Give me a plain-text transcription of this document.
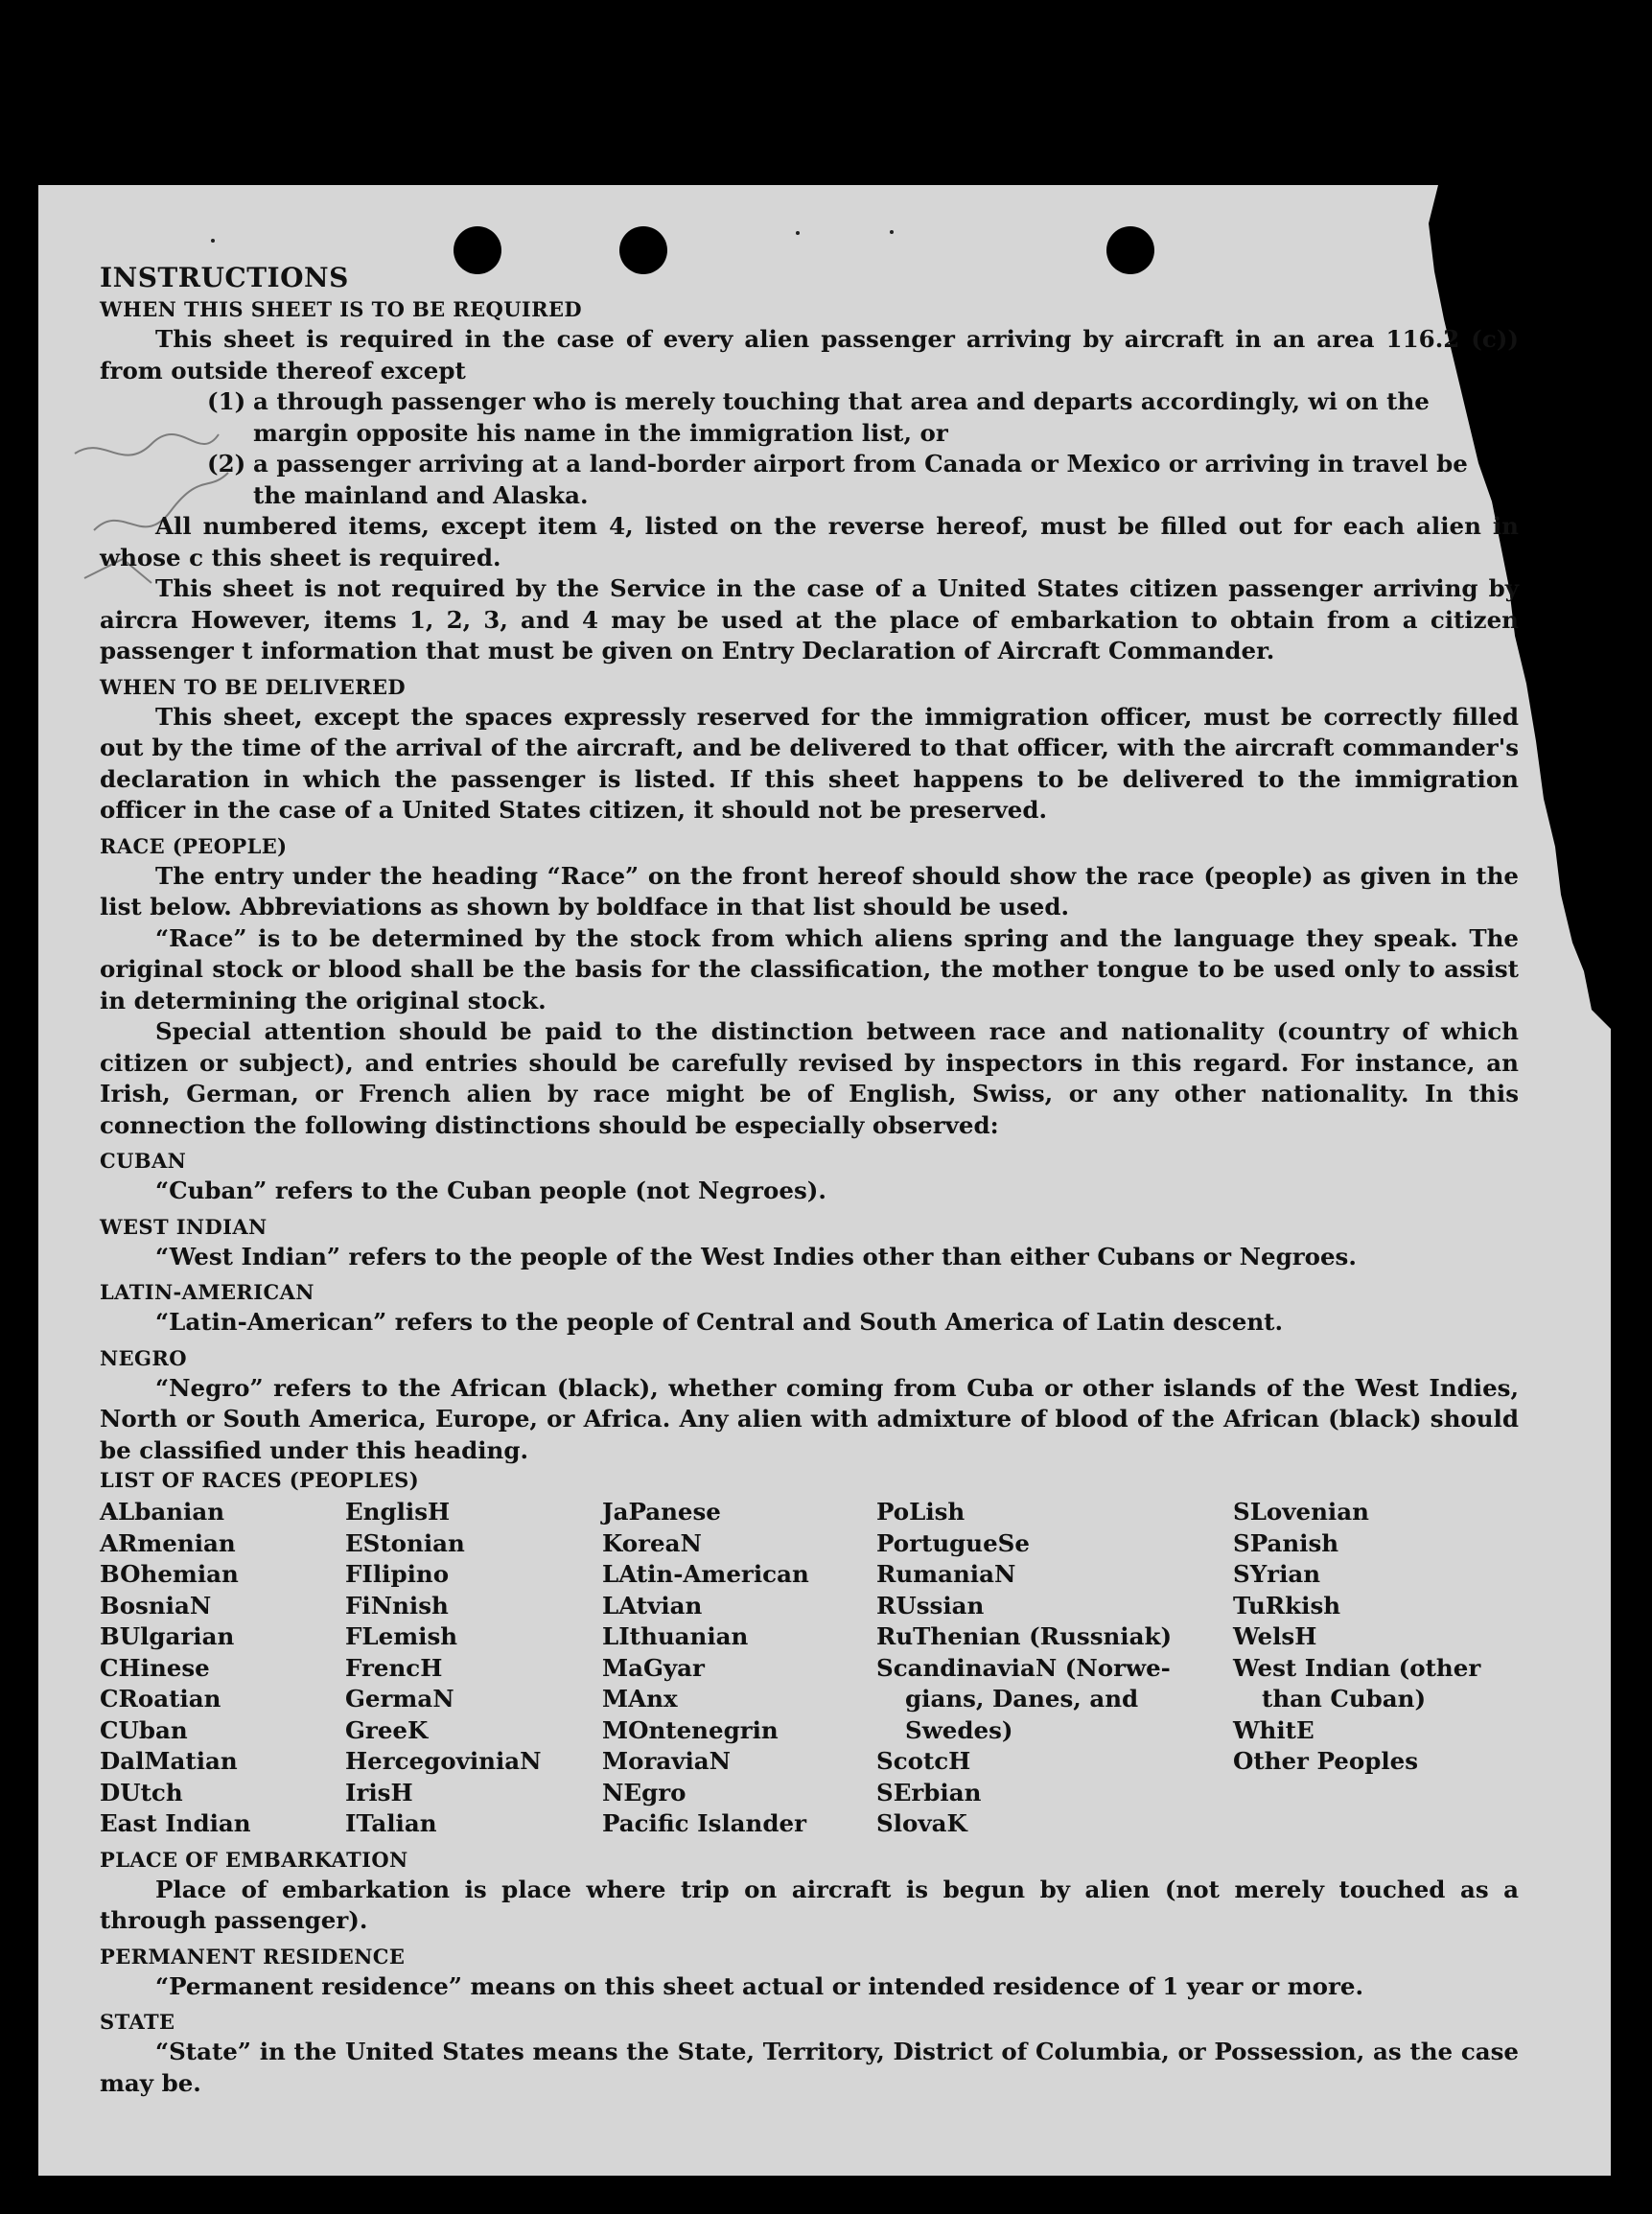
INSTRUCTIONS

WHEN THIS SHEET IS TO BE REQUIRED

This sheet is required in the case of every alien passenger arriving by aircraft in an area 116.2 (c)) from outside thereof except

(1) a through passenger who is merely touching that area and departs accordingly, wi on the margin opposite his name in the immigration list, or
(2) a passenger arriving at a land-border airport from Canada or Mexico or arriving in travel be the mainland and Alaska.

All numbered items, except item 4, listed on the reverse hereof, must be filled out for each alien in whose c this sheet is required.

This sheet is not required by the Service in the case of a United States citizen passenger arriving by aircra However, items 1, 2, 3, and 4 may be used at the place of embarkation to obtain from a citizen passenger t information that must be given on Entry Declaration of Aircraft Commander.

WHEN TO BE DELIVERED

This sheet, except the spaces expressly reserved for the immigration officer, must be correctly filled out by the time of the arrival of the aircraft, and be delivered to that officer, with the aircraft commander's declaration in which the passenger is listed. If this sheet happens to be delivered to the immigration officer in the case of a United States citizen, it should not be preserved.

RACE (PEOPLE)

The entry under the heading “Race” on the front hereof should show the race (people) as given in the list below. Abbreviations as shown by boldface in that list should be used.

“Race” is to be determined by the stock from which aliens spring and the language they speak. The original stock or blood shall be the basis for the classification, the mother tongue to be used only to assist in determining the original stock.

Special attention should be paid to the distinction between race and nationality (country of which citizen or subject), and entries should be carefully revised by inspectors in this regard. For instance, an Irish, German, or French alien by race might be of English, Swiss, or any other nationality. In this connection the following distinctions should be especially observed:

CUBAN

“Cuban” refers to the Cuban people (not Negroes).

WEST INDIAN

“West Indian” refers to the people of the West Indies other than either Cubans or Negroes.

LATIN-AMERICAN

“Latin-American” refers to the people of Central and South America of Latin descent.

NEGRO

“Negro” refers to the African (black), whether coming from Cuba or other islands of the West Indies, North or South America, Europe, or Africa. Any alien with admixture of blood of the African (black) should be classified under this heading.

LIST OF RACES (PEOPLES)

ALbanian
ARmenian
BOhemian
BosniaN
BUlgarian
CHinese
CRoatian
CUban
DalMatian
DUtch
East Indian
EnglisH
EStonian
FIlipino
FiNnish
FLemish
FrencH
GermaN
GreeK
HercegoviniaN
IrisH
ITalian
JaPanese
KoreaN
LAtin-American
LAtvian
LIthuanian
MaGyar
MAnx
MOntenegrin
MoraviaN
NEgro
Pacific Islander
PoLish
PortugueSe
RumaniaN
RUssian
RuThenian (Russniak)
ScandinaviaN (Norwe-
gians, Danes, and
Swedes)
ScotcH
SErbian
SlovaK
SLovenian
SPanish
SYrian
TuRkish
WelsH
West Indian (other
than Cuban)
WhitE
Other Peoples

PLACE OF EMBARKATION

Place of embarkation is place where trip on aircraft is begun by alien (not merely touched as a through passenger).

PERMANENT RESIDENCE

“Permanent residence” means on this sheet actual or intended residence of 1 year or more.

STATE

“State” in the United States means the State, Territory, District of Columbia, or Possession, as the case may be.
